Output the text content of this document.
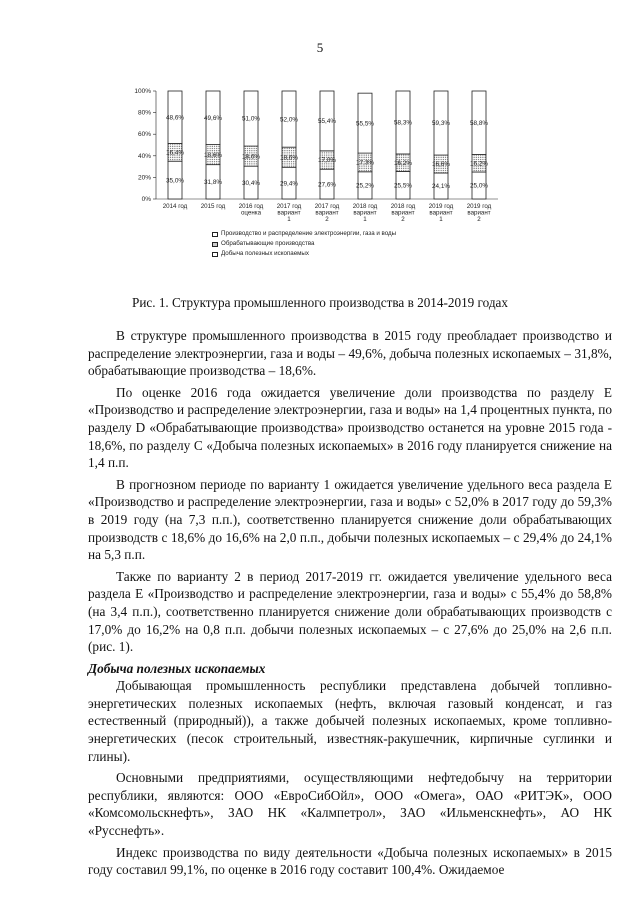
5
0%
20%
40%
60%
80%
100%
2014 год 2015 год 2016 год
оценка
2017 год
вариант
1
2017 год
вариант
2
2018 год
вариант
1
2018 год
вариант
2
2019 год
вариант
1
2019 год
вариант
2
35,0%
16,4%
48,6%
31,8%
18,6%
49,6%
30,4%
18,6%
51,0%
29,4%
18,6%
52,0%
27,6%
17,0%
55,4%
25,2%
17,3%
55,5%
25,5%
16,2%
58,3%
24,1%
16,6%
59,3%
25,0%
16,2%
58,8%
Производство и распределение электроэнергии, газа и воды
Обрабатывающие производства
Добыча полезных ископаемых
Рис. 1. Структура промышленного производства в 2014-2019 годах

В структуре промышленного производства в 2015 году преобладает производство и распределение электроэнергии, газа и воды – 49,6%, добыча полезных ископаемых – 31,8%, обрабатывающие производства – 18,6%.

По оценке 2016 года ожидается увеличение доли производства по разделу E «Производство и распределение электроэнергии, газа и воды» на 1,4 процентных пункта, по разделу D «Обрабатывающие производства» производство останется на уровне 2015 года - 18,6%, по разделу C «Добыча полезных ископаемых» в 2016 году планируется снижение на 1,4 п.п.

В прогнозном периоде по варианту 1 ожидается увеличение удельного веса раздела E «Производство и распределение электроэнергии, газа и воды» с 52,0% в 2017 году до 59,3% в 2019 году (на 7,3 п.п.), соответственно планируется снижение доли обрабатывающих производств с 18,6% до 16,6% на 2,0 п.п., добычи полезных ископаемых – с 29,4% до 24,1% на 5,3 п.п.

Также по варианту 2 в период 2017-2019 гг. ожидается увеличение удельного веса раздела E «Производство и распределение электроэнергии, газа и воды» с 55,4% до 58,8% (на 3,4 п.п.), соответственно планируется снижение доли обрабатывающих производств с 17,0% до 16,2% на 0,8 п.п. добычи полезных ископаемых – с 27,6% до 25,0% на 2,6 п.п. (рис. 1).

Добыча полезных ископаемых

Добывающая промышленность республики представлена добычей топливно-энергетических полезных ископаемых (нефть, включая газовый конденсат, и газ естественный (природный)), а также добычей полезных ископаемых, кроме топливно-энергетических (песок строительный, известняк-ракушечник, кирпичные суглинки и глины).

Основными предприятиями, осуществляющими нефтедобычу на территории республики, являются: ООО «ЕвроСибОйл», ООО «Омега», ОАО «РИТЭК», ООО «Комсомольскнефть», ЗАО НК «Калмпетрол», ЗАО «Ильменскнефть», АО НК «Русснефть».

Индекс производства по виду деятельности «Добыча полезных ископаемых» в 2015 году составил 99,1%, по оценке в 2016 году составит 100,4%. Ожидаемое
